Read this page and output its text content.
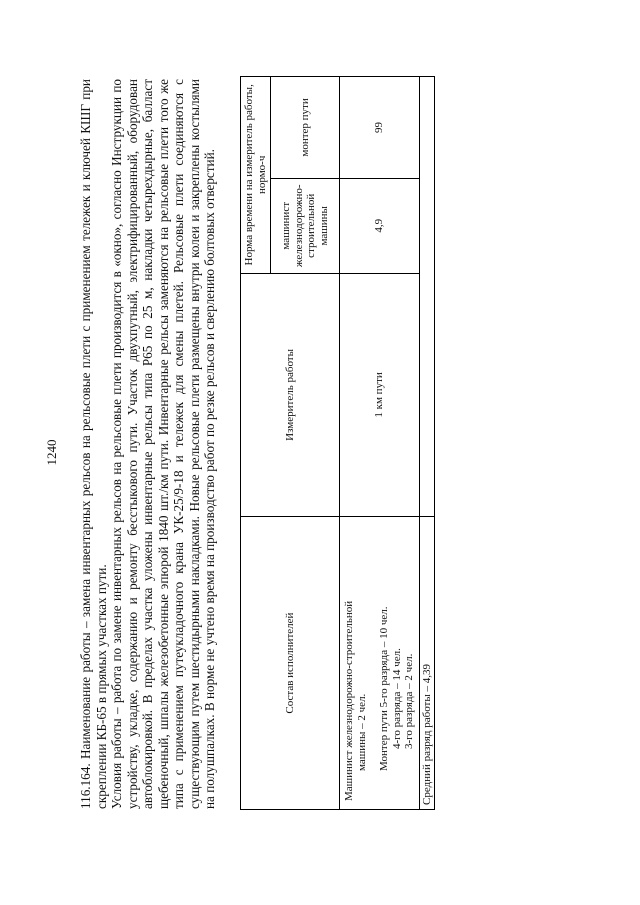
1240 116.164. Наименование работы – замена инвентарных рельсов на рельсовые плети с применением тележек и ключей КШГ при скреплении КБ-65 в прямых участках пути. Условия работы – работа по замене инвентарных рельсов на рельсовые плети производится в «окно», согласно Инструкции по устройству, укладке, содержанию и ремонту бесстыкового пути. Участок двухпутный, электрифицированный, оборудован автоблокировкой. В пределах участка уложены инвентарные рельсы типа Р65 по 25 м, накладки четырехдырные, балласт щебеночный, шпалы железобетонные эпюрой 1840 шт./км пути. Инвентарные рельсы заменяются на рельсовые плети того же типа с применением путеукладочного крана УК-25/9-18 и тележек для смены плетей. Рельсовые плети соединяются с существующим путем шестидырными накладками. Новые рельсовые плети размещены внутри колеи и закреплены костылями на полушпалках. В норме не учтено время на производство работ по резке рельсов и сверлению болтовых отверстий.	Состав исполнителей	Измеритель работы	Норма времени на измеритель работы, нормо-ч	
		машинист железнодорожно-строительной машины	монтер пути

Машинист железнодорожно-строительной машины – 2 чел. Монтер пути 5-го разряда – 10 чел. 4-го разряда – 14 чел. 3-го разряда – 2 чел.	1 км пути	4,9	99
Средний разряд работы – 4,39			
